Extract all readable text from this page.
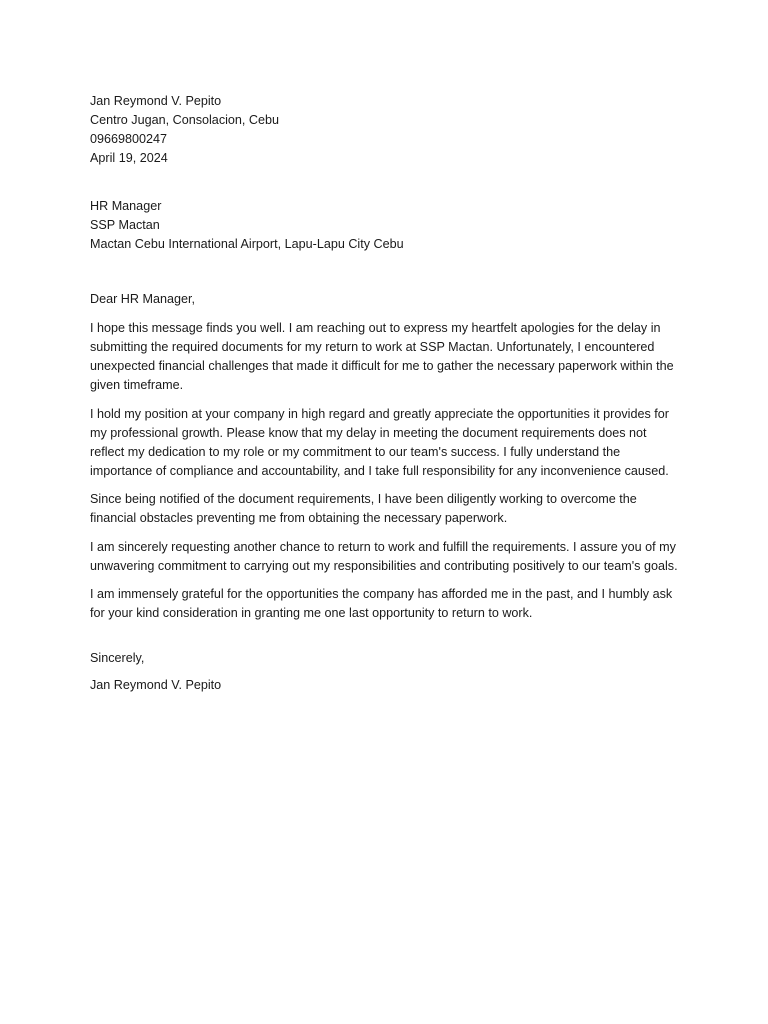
Jan Reymond V. Pepito
Centro Jugan, Consolacion, Cebu
09669800247
April 19, 2024
HR Manager
SSP Mactan
Mactan Cebu International Airport, Lapu-Lapu City Cebu

Dear HR Manager,

I hope this message finds you well. I am reaching out to express my heartfelt apologies for the delay in submitting the required documents for my return to work at SSP Mactan. Unfortunately, I encountered unexpected financial challenges that made it difficult for me to gather the necessary paperwork within the given timeframe.

I hold my position at your company in high regard and greatly appreciate the opportunities it provides for my professional growth. Please know that my delay in meeting the document requirements does not reflect my dedication to my role or my commitment to our team's success. I fully understand the importance of compliance and accountability, and I take full responsibility for any inconvenience caused.

Since being notified of the document requirements, I have been diligently working to overcome the financial obstacles preventing me from obtaining the necessary paperwork.

I am sincerely requesting another chance to return to work and fulfill the requirements. I assure you of my unwavering commitment to carrying out my responsibilities and contributing positively to our team's goals.

I am immensely grateful for the opportunities the company has afforded me in the past, and I humbly ask for your kind consideration in granting me one last opportunity to return to work.

Sincerely,

Jan Reymond V. Pepito
